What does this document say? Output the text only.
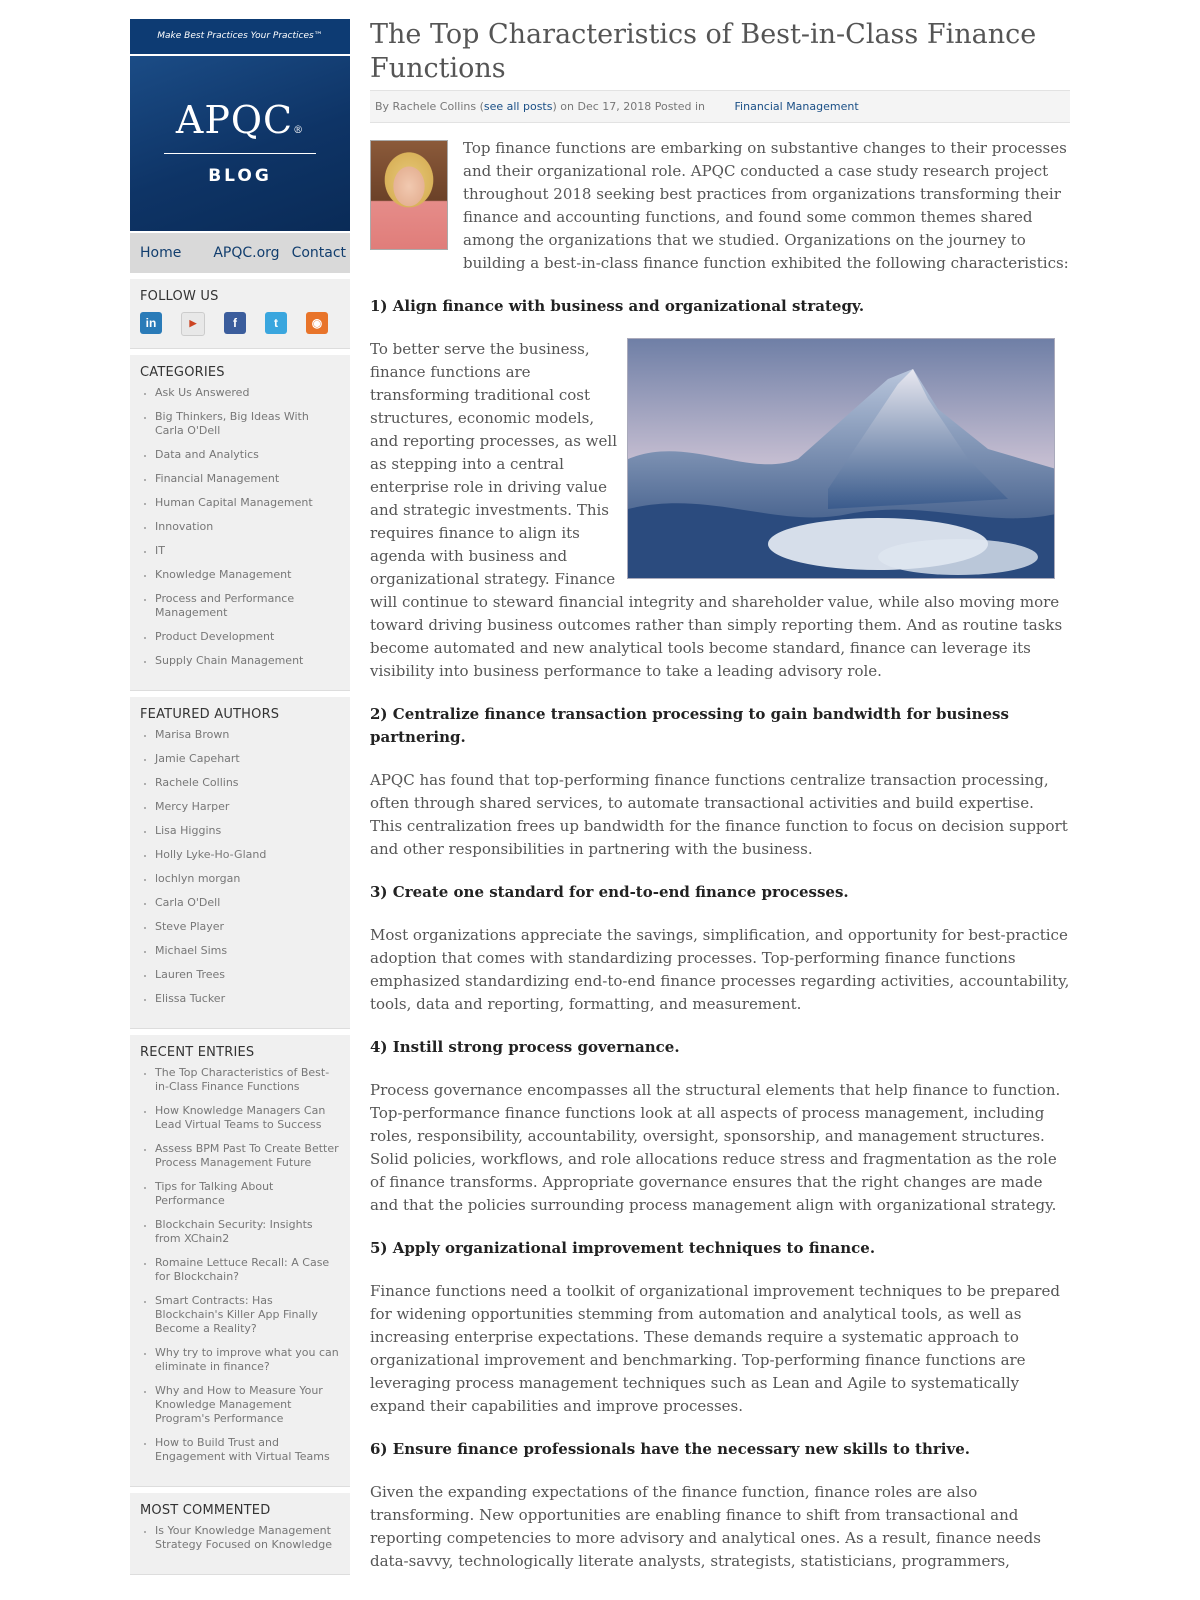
Make Best Practices Your Practices™
APQC®
BLOG
Home APQC.org Contact
FOLLOW US
in	▶	f	t	◉
CATEGORIES
• Ask Us Answered
• Big Thinkers, Big Ideas With Carla O'Dell
• Data and Analytics
• Financial Management
• Human Capital Management
• Innovation
• IT
• Knowledge Management
• Process and Performance Management
• Product Development
• Supply Chain Management
FEATURED AUTHORS
• Marisa Brown
• Jamie Capehart
• Rachele Collins
• Mercy Harper
• Lisa Higgins
• Holly Lyke-Ho-Gland
• lochlyn morgan
• Carla O'Dell
• Steve Player
• Michael Sims
• Lauren Trees
• Elissa Tucker
RECENT ENTRIES
• The Top Characteristics of Best-in-Class Finance Functions
• How Knowledge Managers Can Lead Virtual Teams to Success
• Assess BPM Past To Create Better Process Management Future
• Tips for Talking About Performance
• Blockchain Security: Insights from XChain2
• Romaine Lettuce Recall: A Case for Blockchain?
• Smart Contracts: Has Blockchain's Killer App Finally Become a Reality?
• Why try to improve what you can eliminate in finance?
• Why and How to Measure Your Knowledge Management Program's Performance
• How to Build Trust and Engagement with Virtual Teams
MOST COMMENTED
• Is Your Knowledge Management Strategy Focused on Knowledge
The Top Characteristics of Best-in-Class Finance Functions
By Rachele Collins (see all posts) on Dec 17, 2018 Posted in	Financial Management

Top finance functions are embarking on substantive changes to their processes and their organizational role. APQC conducted a case study research project throughout 2018 seeking best practices from organizations transforming their finance and accounting functions, and found some common themes shared among the organizations that we studied. Organizations on the journey to building a best-in-class finance function exhibited the following characteristics:

1) Align finance with business and organizational strategy.

To better serve the business, finance functions are transforming traditional cost structures, economic models, and reporting processes, as well as stepping into a central enterprise role in driving value and strategic investments. This requires finance to align its agenda with business and organizational strategy. Finance will continue to steward financial integrity and shareholder value, while also moving more toward driving business outcomes rather than simply reporting them. And as routine tasks become automated and new analytical tools become standard, finance can leverage its visibility into business performance to take a leading advisory role.

2) Centralize finance transaction processing to gain bandwidth for business partnering.

APQC has found that top-performing finance functions centralize transaction processing, often through shared services, to automate transactional activities and build expertise. This centralization frees up bandwidth for the finance function to focus on decision support and other responsibilities in partnering with the business.

3) Create one standard for end-to-end finance processes.

Most organizations appreciate the savings, simplification, and opportunity for best-practice adoption that comes with standardizing processes. Top-performing finance functions emphasized standardizing end-to-end finance processes regarding activities, accountability, tools, data and reporting, formatting, and measurement.

4) Instill strong process governance.

Process governance encompasses all the structural elements that help finance to function. Top-performance finance functions look at all aspects of process management, including roles, responsibility, accountability, oversight, sponsorship, and management structures. Solid policies, workflows, and role allocations reduce stress and fragmentation as the role of finance transforms. Appropriate governance ensures that the right changes are made and that the policies surrounding process management align with organizational strategy.

5) Apply organizational improvement techniques to finance.

Finance functions need a toolkit of organizational improvement techniques to be prepared for widening opportunities stemming from automation and analytical tools, as well as increasing enterprise expectations. These demands require a systematic approach to organizational improvement and benchmarking. Top-performing finance functions are leveraging process management techniques such as Lean and Agile to systematically expand their capabilities and improve processes.

6) Ensure finance professionals have the necessary new skills to thrive.

Given the expanding expectations of the finance function, finance roles are also transforming. New opportunities are enabling finance to shift from transactional and reporting competencies to more advisory and analytical ones. As a result, finance needs data-savvy, technologically literate analysts, strategists, statisticians, programmers,
